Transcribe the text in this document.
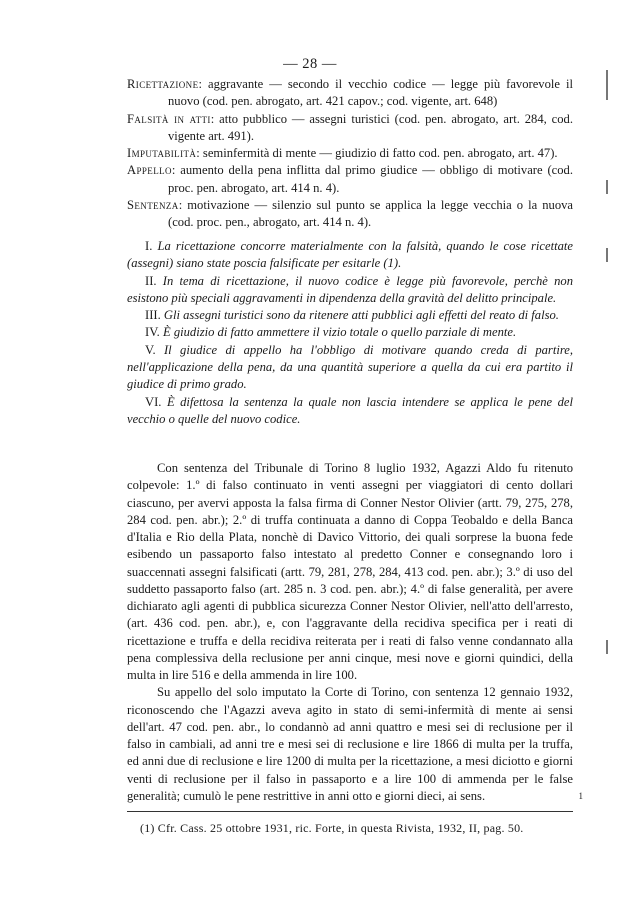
— 28 —

Ricettazione: aggravante — secondo il vecchio codice — legge più favorevole il nuovo (cod. pen. abrogato, art. 421 capov.; cod. vigente, art. 648)

Falsità in atti: atto pubblico — assegni turistici (cod. pen. abrogato, art. 284, cod. vigente art. 491).

Imputabilità: seminfermità di mente — giudizio di fatto cod. pen. abrogato, art. 47).

Appello: aumento della pena inflitta dal primo giudice — obbligo di motivare (cod. proc. pen. abrogato, art. 414 n. 4).

Sentenza: motivazione — silenzio sul punto se applica la legge vecchia o la nuova (cod. proc. pen., abrogato, art. 414 n. 4).

I. La ricettazione concorre materialmente con la falsità, quando le cose ricettate (assegni) siano state poscia falsificate per esitarle (1).

II. In tema di ricettazione, il nuovo codice è legge più favorevole, perchè non esistono più speciali aggravamenti in dipendenza della gravità del delitto principale.

III. Gli assegni turistici sono da ritenere atti pubblici agli effetti del reato di falso.

IV. È giudizio di fatto ammettere il vizio totale o quello parziale di mente.

V. Il giudice di appello ha l'obbligo di motivare quando creda di partire, nell'applicazione della pena, da una quantità superiore a quella da cui era partito il giudice di primo grado.

VI. È difettosa la sentenza la quale non lascia intendere se applica le pene del vecchio o quelle del nuovo codice.

Con sentenza del Tribunale di Torino 8 luglio 1932, Agazzi Aldo fu ritenuto colpevole: 1.º di falso continuato in venti assegni per viaggiatori di cento dollari ciascuno, per avervi apposta la falsa firma di Conner Nestor Olivier (artt. 79, 275, 278, 284 cod. pen. abr.); 2.º di truffa continuata a danno di Coppa Teobaldo e della Banca d'Italia e Rio della Plata, nonchè di Davico Vittorio, dei quali sorprese la buona fede esibendo un passaporto falso intestato al predetto Conner e consegnando loro i suaccennati assegni falsificati (artt. 79, 281, 278, 284, 413 cod. pen. abr.); 3.º di uso del suddetto passaporto falso (art. 285 n. 3 cod. pen. abr.); 4.º di false generalità, per avere dichiarato agli agenti di pubblica sicurezza Conner Nestor Olivier, nell'atto dell'arresto, (art. 436 cod. pen. abr.), e, con l'aggravante della recidiva specifica per i reati di ricettazione e truffa e della recidiva reiterata per i reati di falso venne condannato alla pena complessiva della reclusione per anni cinque, mesi nove e giorni quindici, della multa in lire 516 e della ammenda in lire 100.

Su appello del solo imputato la Corte di Torino, con sentenza 12 gennaio 1932, riconoscendo che l'Agazzi aveva agito in stato di semi-infermità di mente ai sensi dell'art. 47 cod. pen. abr., lo condannò ad anni quattro e mesi sei di reclusione per il falso in cambiali, ad anni tre e mesi sei di reclusione e lire 1866 di multa per la truffa, ed anni due di reclusione e lire 1200 di multa per la ricettazione, a mesi diciotto e giorni venti di reclusione per il falso in passaporto e a lire 100 di ammenda per le false generalità; cumulò le pene restrittive in anni otto e giorni dieci, ai sens.	1
(1) Cfr. Cass. 25 ottobre 1931, ric. Forte, in questa Rivista, 1932, II, pag. 50.
